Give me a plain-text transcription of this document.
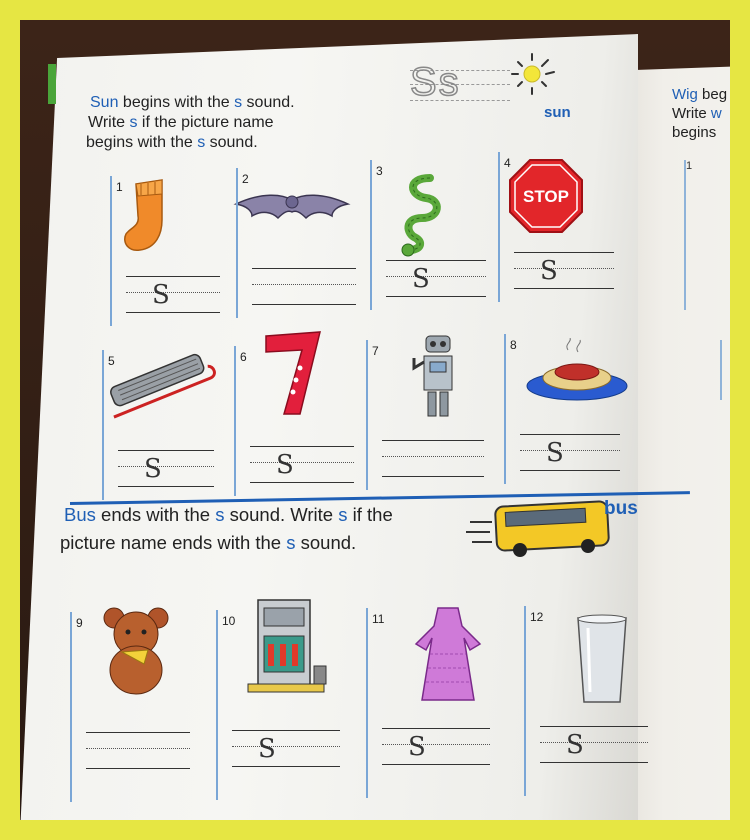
Wig beg
Write w
begins
1
Sun begins with the s sound.
Write s if the picture name
begins with the s sound.
Ss
sun
STOP
Bus ends with the s sound. Write s if the
picture name ends with the s sound.
bus
1
S
2
3
S
4
S
5
S
6
S
7	8
S
9	10
S
11
S
12
S
